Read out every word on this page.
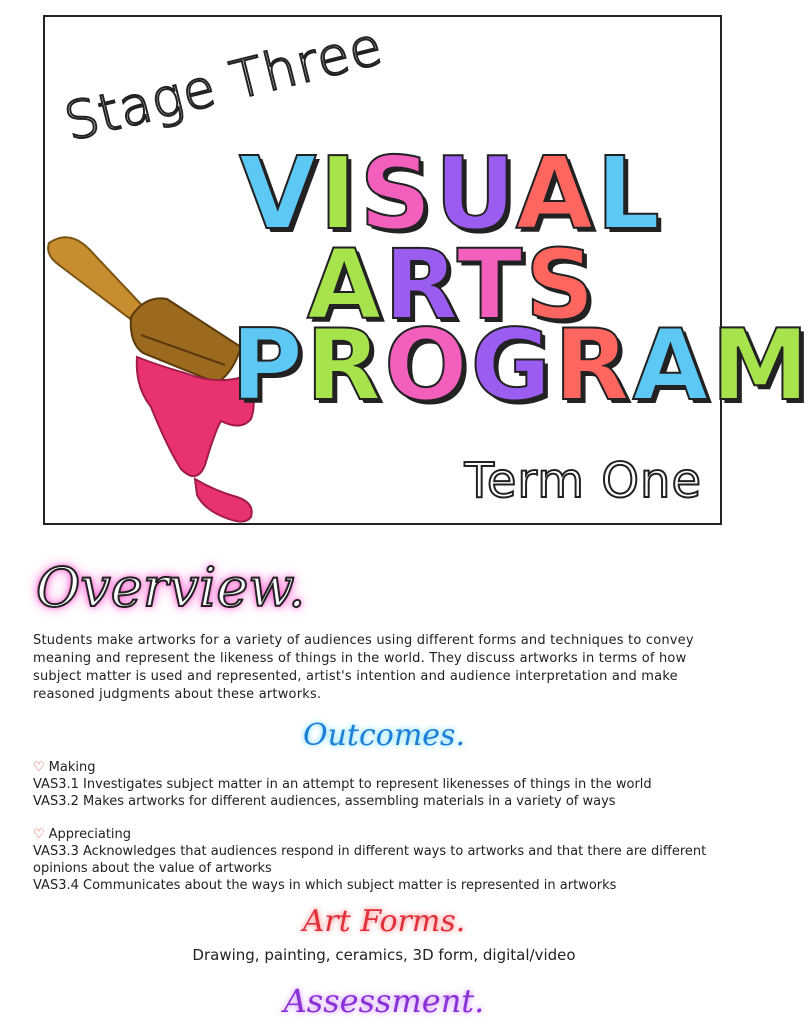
Stage Three
VISUAL
ARTS
PROGRAM
Term One
Overview.
Students make artworks for a variety of audiences using different forms and techniques to convey meaning and represent the likeness of things in the world. They discuss artworks in terms of how subject matter is used and represented, artist's intention and audience interpretation and make reasoned judgments about these artworks.
Outcomes.
♡ Making
VAS3.1 Investigates subject matter in an attempt to represent likenesses of things in the world
VAS3.2 Makes artworks for different audiences, assembling materials in a variety of ways
♡ Appreciating
VAS3.3 Acknowledges that audiences respond in different ways to artworks and that there are different opinions about the value of artworks
VAS3.4 Communicates about the ways in which subject matter is represented in artworks
Art Forms.
Drawing, painting, ceramics, 3D form, digital/video
Assessment.
